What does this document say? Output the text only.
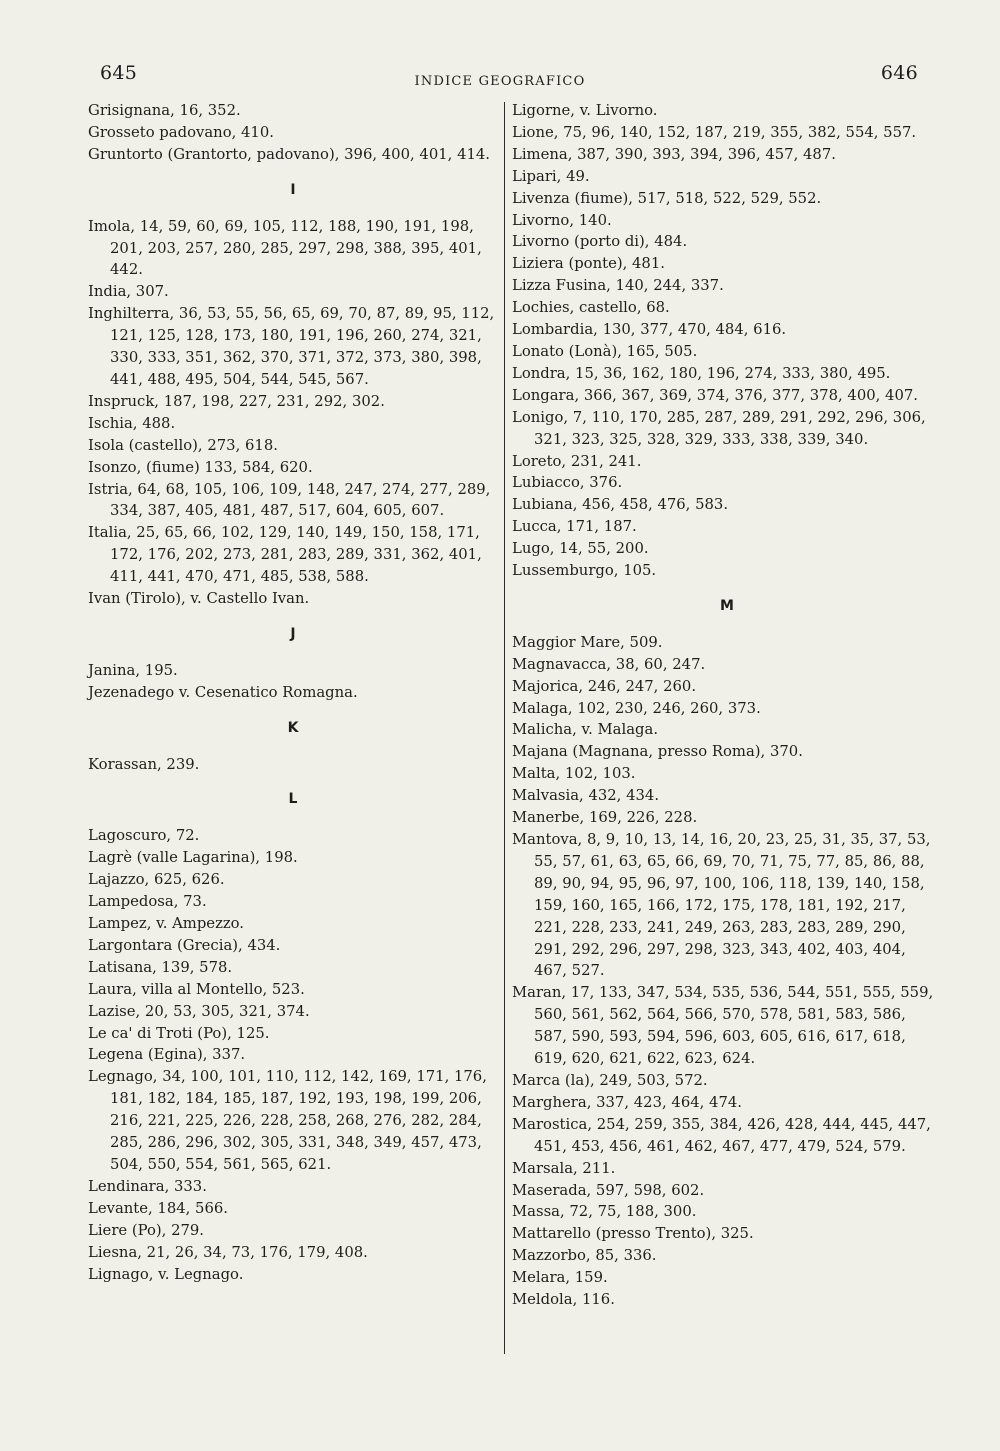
645	INDICE GEOGRAFICO	646
Grisignana, 16, 352.
Grosseto padovano, 410.
Gruntorto (Grantorto, padovano), 396, 400, 401, 414.
I
Imola, 14, 59, 60, 69, 105, 112, 188, 190, 191, 198, 201, 203, 257, 280, 285, 297, 298, 388, 395, 401, 442.
India, 307.
Inghilterra, 36, 53, 55, 56, 65, 69, 70, 87, 89, 95, 112, 121, 125, 128, 173, 180, 191, 196, 260, 274, 321, 330, 333, 351, 362, 370, 371, 372, 373, 380, 398, 441, 488, 495, 504, 544, 545, 567.
Inspruck, 187, 198, 227, 231, 292, 302.
Ischia, 488.
Isola (castello), 273, 618.
Isonzo, (fiume) 133, 584, 620.
Istria, 64, 68, 105, 106, 109, 148, 247, 274, 277, 289, 334, 387, 405, 481, 487, 517, 604, 605, 607.
Italia, 25, 65, 66, 102, 129, 140, 149, 150, 158, 171, 172, 176, 202, 273, 281, 283, 289, 331, 362, 401, 411, 441, 470, 471, 485, 538, 588.
Ivan (Tirolo), v. Castello Ivan.
J
Janina, 195.
Jezenadego v. Cesenatico Romagna.
K
Korassan, 239.
L
Lagoscuro, 72.
Lagrè (valle Lagarina), 198.
Lajazzo, 625, 626.
Lampedosa, 73.
Lampez, v. Ampezzo.
Largontara (Grecia), 434.
Latisana, 139, 578.
Laura, villa al Montello, 523.
Lazise, 20, 53, 305, 321, 374.
Le ca' di Troti (Po), 125.
Legena (Egina), 337.
Legnago, 34, 100, 101, 110, 112, 142, 169, 171, 176, 181, 182, 184, 185, 187, 192, 193, 198, 199, 206, 216, 221, 225, 226, 228, 258, 268, 276, 282, 284, 285, 286, 296, 302, 305, 331, 348, 349, 457, 473, 504, 550, 554, 561, 565, 621.
Lendinara, 333.
Levante, 184, 566.
Liere (Po), 279.
Liesna, 21, 26, 34, 73, 176, 179, 408.
Lignago, v. Legnago.
Ligorne, v. Livorno.
Lione, 75, 96, 140, 152, 187, 219, 355, 382, 554, 557.
Limena, 387, 390, 393, 394, 396, 457, 487.
Lipari, 49.
Livenza (fiume), 517, 518, 522, 529, 552.
Livorno, 140.
Livorno (porto di), 484.
Liziera (ponte), 481.
Lizza Fusina, 140, 244, 337.
Lochies, castello, 68.
Lombardia, 130, 377, 470, 484, 616.
Lonato (Lonà), 165, 505.
Londra, 15, 36, 162, 180, 196, 274, 333, 380, 495.
Longara, 366, 367, 369, 374, 376, 377, 378, 400, 407.
Lonigo, 7, 110, 170, 285, 287, 289, 291, 292, 296, 306, 321, 323, 325, 328, 329, 333, 338, 339, 340.
Loreto, 231, 241.
Lubiacco, 376.
Lubiana, 456, 458, 476, 583.
Lucca, 171, 187.
Lugo, 14, 55, 200.
Lussemburgo, 105.
M
Maggior Mare, 509.
Magnavacca, 38, 60, 247.
Majorica, 246, 247, 260.
Malaga, 102, 230, 246, 260, 373.
Malicha, v. Malaga.
Majana (Magnana, presso Roma), 370.
Malta, 102, 103.
Malvasia, 432, 434.
Manerbe, 169, 226, 228.
Mantova, 8, 9, 10, 13, 14, 16, 20, 23, 25, 31, 35, 37, 53, 55, 57, 61, 63, 65, 66, 69, 70, 71, 75, 77, 85, 86, 88, 89, 90, 94, 95, 96, 97, 100, 106, 118, 139, 140, 158, 159, 160, 165, 166, 172, 175, 178, 181, 192, 217, 221, 228, 233, 241, 249, 263, 283, 283, 289, 290, 291, 292, 296, 297, 298, 323, 343, 402, 403, 404, 467, 527.
Maran, 17, 133, 347, 534, 535, 536, 544, 551, 555, 559, 560, 561, 562, 564, 566, 570, 578, 581, 583, 586, 587, 590, 593, 594, 596, 603, 605, 616, 617, 618, 619, 620, 621, 622, 623, 624.
Marca (la), 249, 503, 572.
Marghera, 337, 423, 464, 474.
Marostica, 254, 259, 355, 384, 426, 428, 444, 445, 447, 451, 453, 456, 461, 462, 467, 477, 479, 524, 579.
Marsala, 211.
Maserada, 597, 598, 602.
Massa, 72, 75, 188, 300.
Mattarello (presso Trento), 325.
Mazzorbo, 85, 336.
Melara, 159.
Meldola, 116.
